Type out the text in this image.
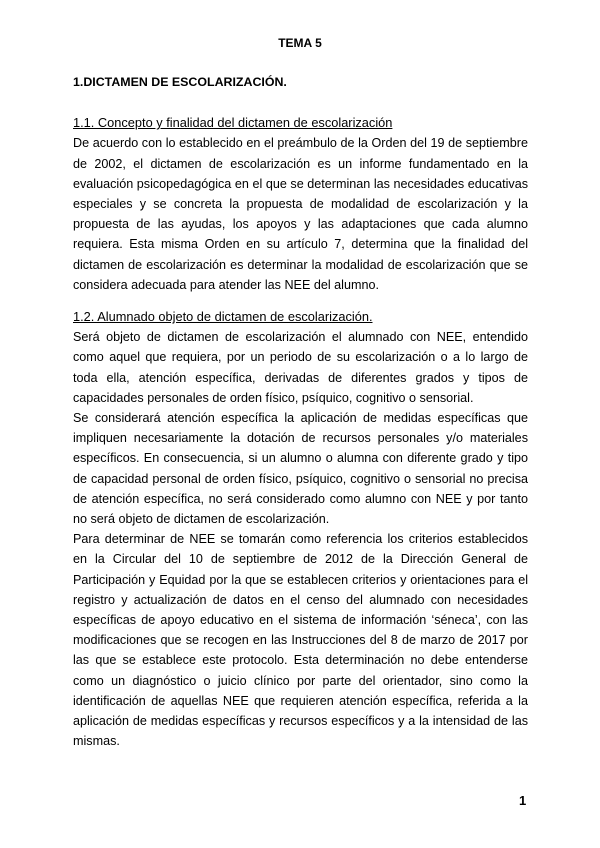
TEMA 5
1.DICTAMEN DE ESCOLARIZACIÓN.
1.1. Concepto y finalidad del dictamen de escolarización

De acuerdo con lo establecido en el preámbulo de la Orden del 19 de septiembre de 2002, el dictamen de escolarización es un informe fundamentado en la evaluación psicopedagógica en el que se determinan las necesidades educativas especiales y se concreta la propuesta de modalidad de escolarización y la propuesta de las ayudas, los apoyos y las adaptaciones que cada alumno requiera. Esta misma Orden en su artículo 7, determina que la finalidad del dictamen de escolarización es determinar la modalidad de escolarización que se considera adecuada para atender las NEE del alumno.

1.2. Alumnado objeto de dictamen de escolarización.

Será objeto de dictamen de escolarización el alumnado con NEE, entendido como aquel que requiera, por un periodo de su escolarización o a lo largo de toda ella, atención específica, derivadas de diferentes grados y tipos de capacidades personales de orden físico, psíquico, cognitivo o sensorial.

Se considerará atención específica la aplicación de medidas específicas que impliquen necesariamente la dotación de recursos personales y/o materiales específicos. En consecuencia, si un alumno o alumna con diferente grado y tipo de capacidad personal de orden físico, psíquico, cognitivo o sensorial no precisa de atención específica, no será considerado como alumno con NEE y por tanto no será objeto de dictamen de escolarización.

Para determinar de NEE se tomarán como referencia los criterios establecidos en la Circular del 10 de septiembre de 2012 de la Dirección General de Participación y Equidad por la que se establecen criterios y orientaciones para el registro y actualización de datos en el censo del alumnado con necesidades específicas de apoyo educativo en el sistema de información ‘séneca’, con las modificaciones que se recogen en las Instrucciones del 8 de marzo de 2017 por las que se establece este protocolo. Esta determinación no debe entenderse como un diagnóstico o juicio clínico por parte del orientador, sino como la identificación de aquellas NEE que requieren atención específica, referida a la aplicación de medidas específicas y recursos específicos y a la intensidad de las mismas.

1
